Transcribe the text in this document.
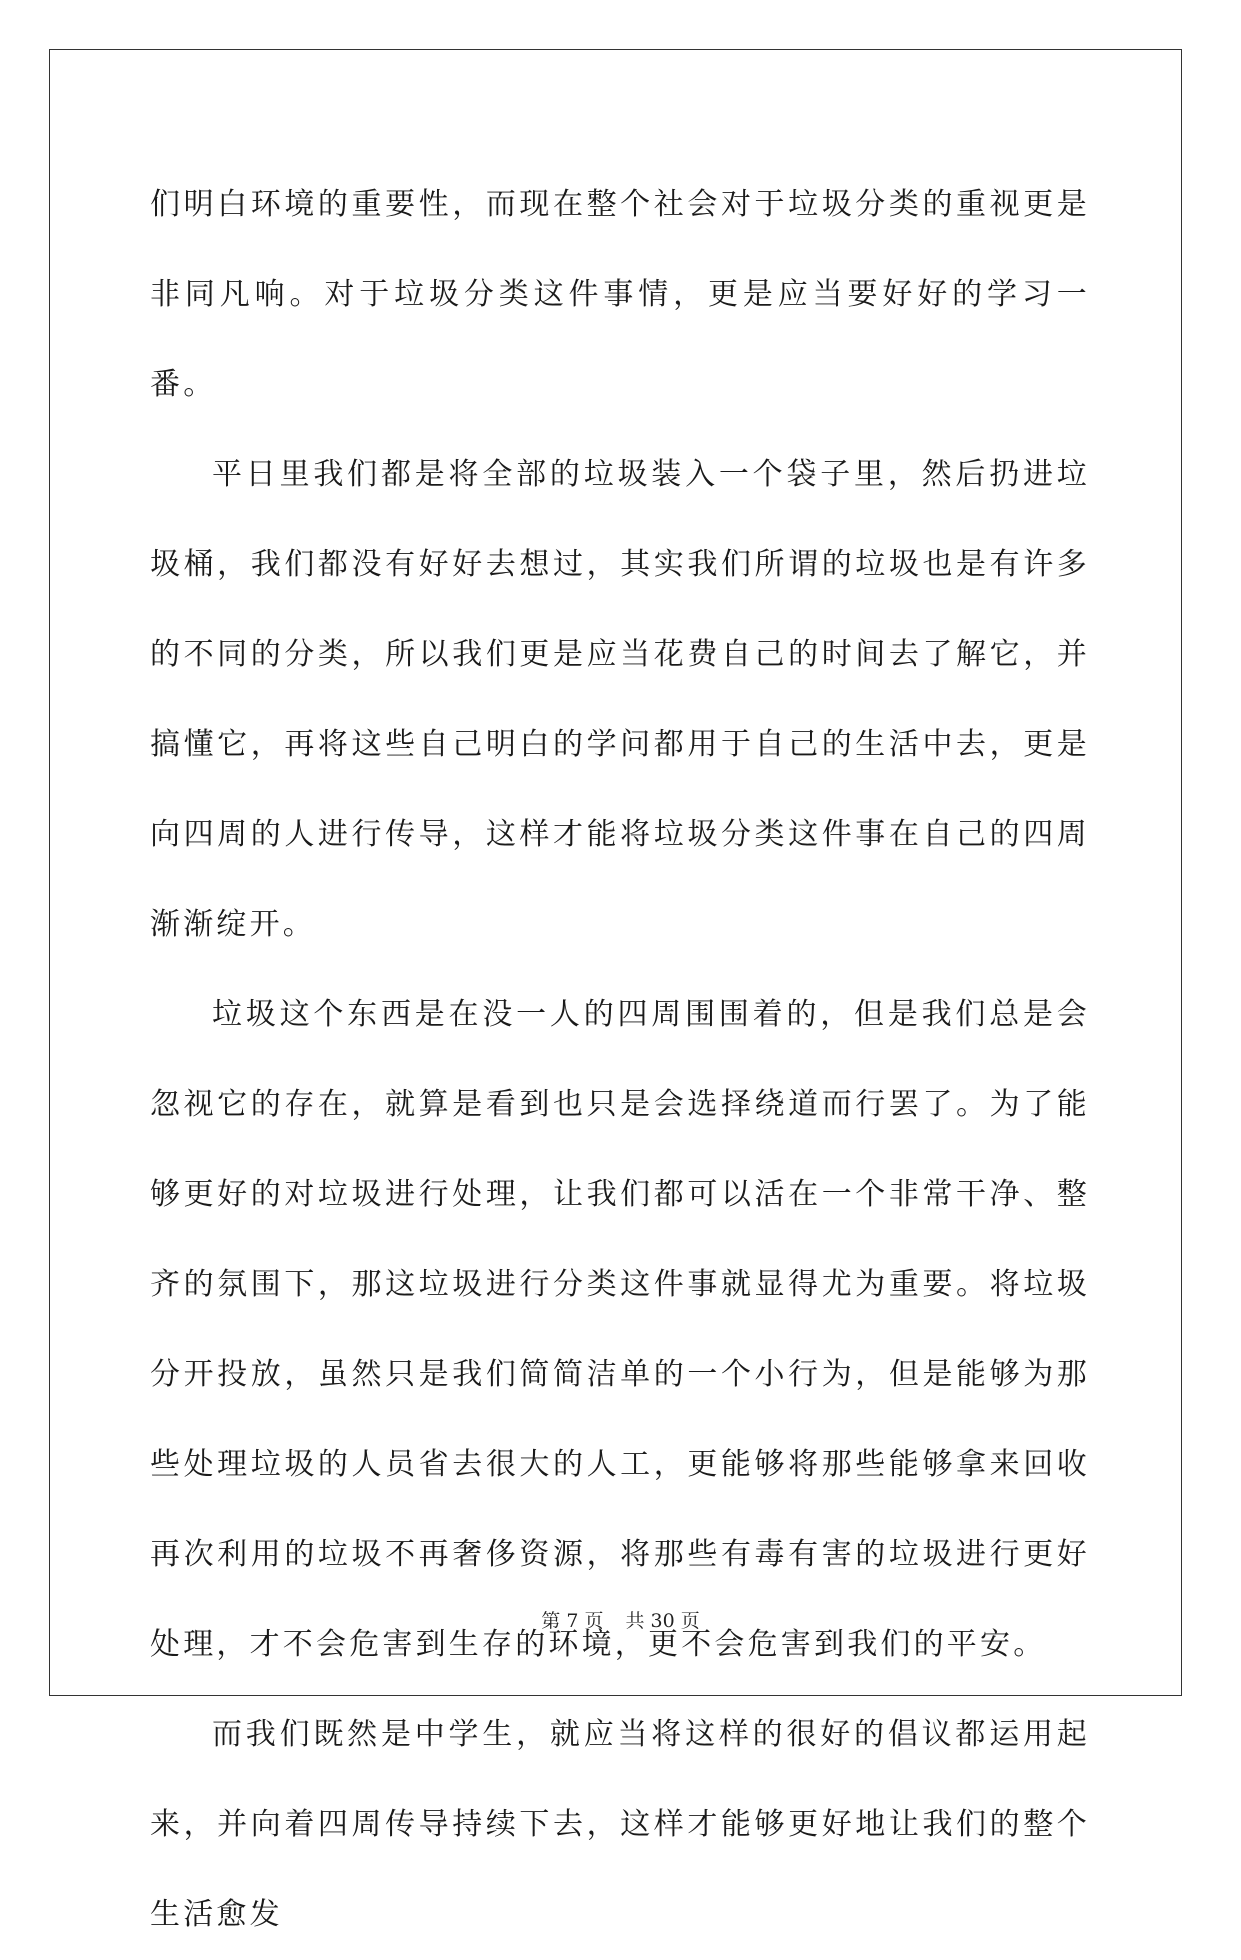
们明白环境的重要性，而现在整个社会对于垃圾分类的重视更是非同凡响。对于垃圾分类这件事情，更是应当要好好的学习一番。

平日里我们都是将全部的垃圾装入一个袋子里，然后扔进垃圾桶，我们都没有好好去想过，其实我们所谓的垃圾也是有许多的不同的分类，所以我们更是应当花费自己的时间去了解它，并搞懂它，再将这些自己明白的学问都用于自己的生活中去，更是向四周的人进行传导，这样才能将垃圾分类这件事在自己的四周渐渐绽开。

垃圾这个东西是在没一人的四周围围着的，但是我们总是会忽视它的存在，就算是看到也只是会选择绕道而行罢了。为了能够更好的对垃圾进行处理，让我们都可以活在一个非常干净、整齐的氛围下，那这垃圾进行分类这件事就显得尤为重要。将垃圾分开投放，虽然只是我们简简洁单的一个小行为，但是能够为那些处理垃圾的人员省去很大的人工，更能够将那些能够拿来回收再次利用的垃圾不再奢侈资源，将那些有毒有害的垃圾进行更好处理，才不会危害到生存的环境，更不会危害到我们的平安。

而我们既然是中学生，就应当将这样的很好的倡议都运用起来，并向着四周传导持续下去，这样才能够更好地让我们的整个生活愈发

第 7 页 共 30 页
